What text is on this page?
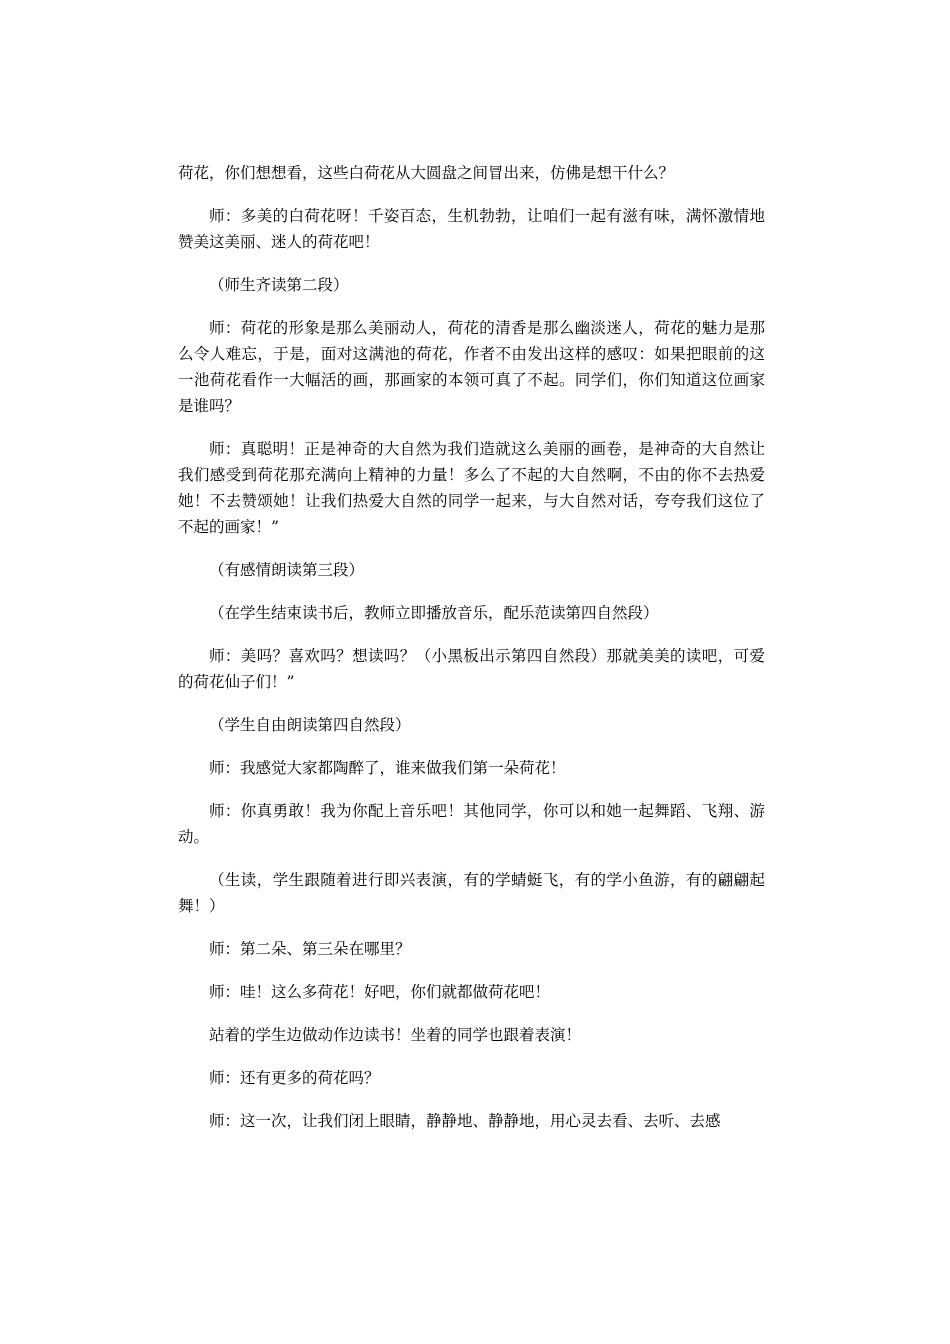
荷花，你们想想看，这些白荷花从大圆盘之间冒出来，仿佛是想干什么？

师：多美的白荷花呀！千姿百态，生机勃勃，让咱们一起有滋有味，满怀激情地赞美这美丽、迷人的荷花吧！

（师生齐读第二段）

师：荷花的形象是那么美丽动人，荷花的清香是那么幽淡迷人，荷花的魅力是那么令人难忘，于是，面对这满池的荷花，作者不由发出这样的感叹：如果把眼前的这一池荷花看作一大幅活的画，那画家的本领可真了不起。同学们，你们知道这位画家是谁吗？

师：真聪明！正是神奇的大自然为我们造就这么美丽的画卷，是神奇的大自然让我们感受到荷花那充满向上精神的力量！多么了不起的大自然啊，不由的你不去热爱她！不去赞颂她！让我们热爱大自然的同学一起来，与大自然对话，夸夸我们这位了不起的画家！”

（有感情朗读第三段）

（在学生结束读书后，教师立即播放音乐，配乐范读第四自然段）

师：美吗？喜欢吗？想读吗？（小黑板出示第四自然段）那就美美的读吧，可爱的荷花仙子们！”

（学生自由朗读第四自然段）

师：我感觉大家都陶醉了，谁来做我们第一朵荷花！

师：你真勇敢！我为你配上音乐吧！其他同学，你可以和她一起舞蹈、飞翔、游动。

（生读，学生跟随着进行即兴表演，有的学蜻蜓飞，有的学小鱼游，有的翩翩起舞！）

师：第二朵、第三朵在哪里？

师：哇！这么多荷花！好吧，你们就都做荷花吧！

站着的学生边做动作边读书！坐着的同学也跟着表演！

师：还有更多的荷花吗？

师：这一次，让我们闭上眼睛，静静地、静静地，用心灵去看、去听、去感
